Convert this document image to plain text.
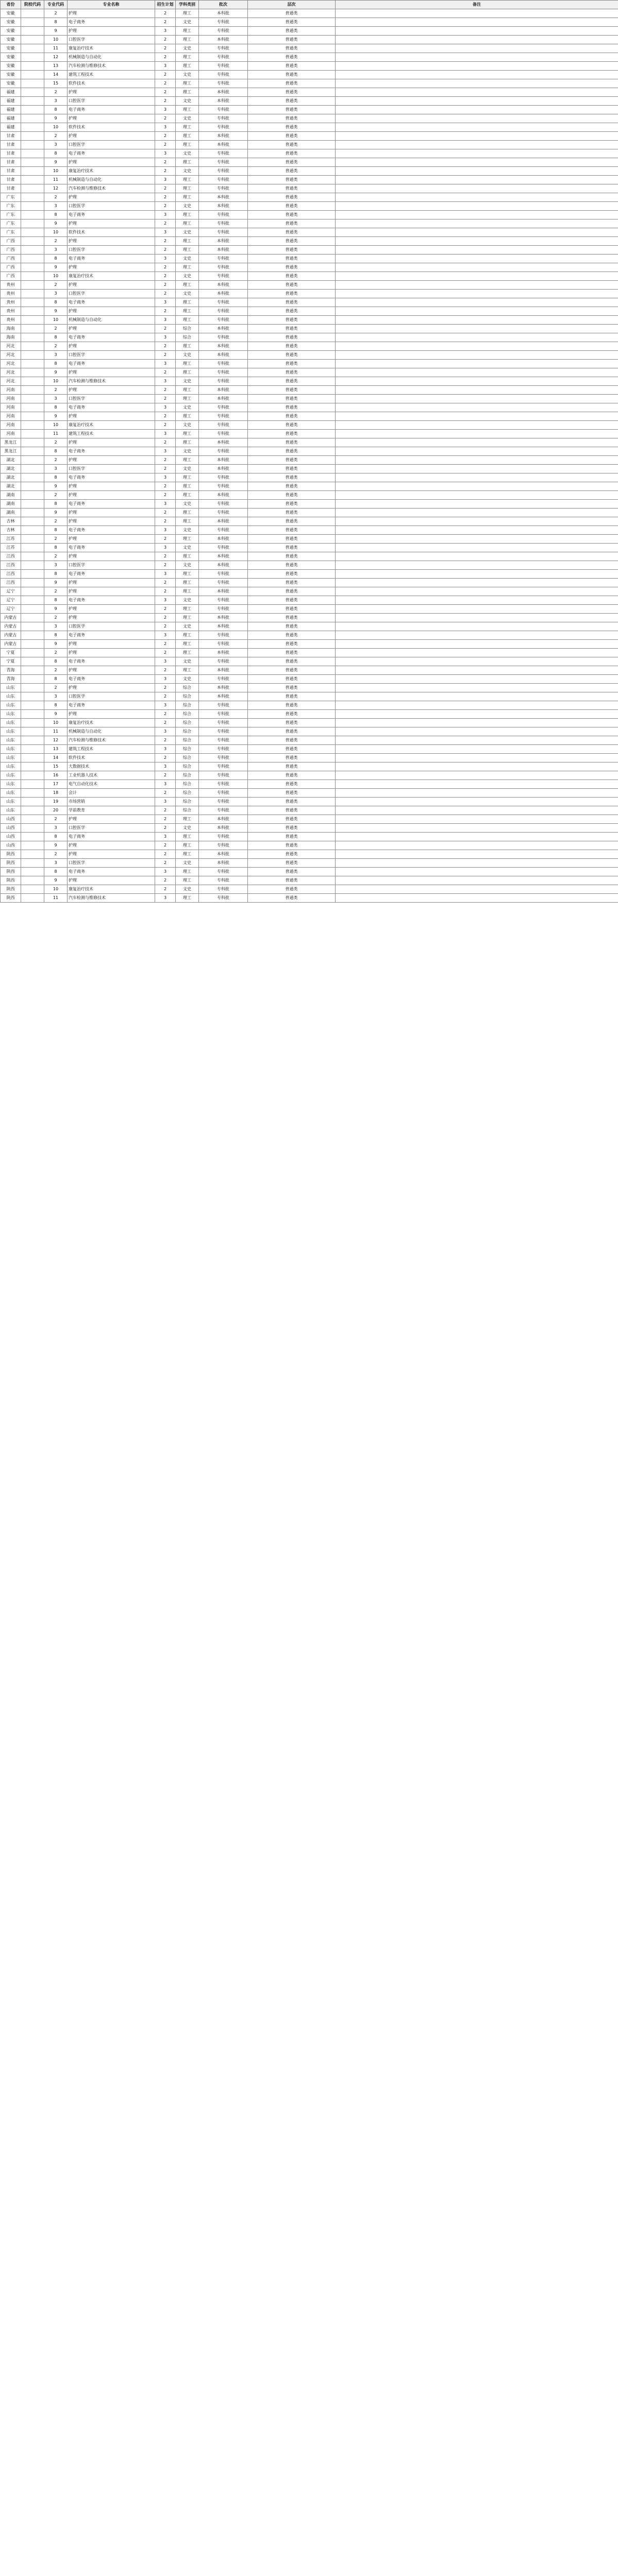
省份	院校代码	专业代码	专业名称	招生计划	学科类别	批次	层次	备注
安徽		2	护理	2	理工	本科批	普通类	
安徽		8	电子商务	2	文史	专科批	普通类	
安徽		9	护理	3	理工	专科批	普通类	
安徽		10	口腔医学	2	理工	本科批	普通类	
安徽		11	康复治疗技术	2	文史	专科批	普通类	
安徽		12	机械制造与自动化	2	理工	专科批	普通类	
安徽		13	汽车检测与维修技术	3	理工	专科批	普通类	
安徽		14	建筑工程技术	2	文史	专科批	普通类	
安徽		15	软件技术	2	理工	专科批	普通类	
福建		2	护理	2	理工	本科批	普通类	
福建		3	口腔医学	2	文史	本科批	普通类	
福建		8	电子商务	3	理工	专科批	普通类	
福建		9	护理	2	文史	专科批	普通类	
福建		10	软件技术	3	理工	专科批	普通类	
甘肃		2	护理	2	理工	本科批	普通类	
甘肃		3	口腔医学	2	理工	本科批	普通类	
甘肃		8	电子商务	3	文史	专科批	普通类	
甘肃		9	护理	2	理工	专科批	普通类	
甘肃		10	康复治疗技术	2	文史	专科批	普通类	
甘肃		11	机械制造与自动化	3	理工	专科批	普通类	
甘肃		12	汽车检测与维修技术	2	理工	专科批	普通类	
广东		2	护理	2	理工	本科批	普通类	
广东		3	口腔医学	2	文史	本科批	普通类	
广东		8	电子商务	3	理工	专科批	普通类	
广东		9	护理	2	理工	专科批	普通类	
广东		10	软件技术	3	文史	专科批	普通类	
广西		2	护理	2	理工	本科批	普通类	
广西		3	口腔医学	2	理工	本科批	普通类	
广西		8	电子商务	3	文史	专科批	普通类	
广西		9	护理	2	理工	专科批	普通类	
广西		10	康复治疗技术	2	文史	专科批	普通类	
贵州		2	护理	2	理工	本科批	普通类	
贵州		3	口腔医学	2	文史	本科批	普通类	
贵州		8	电子商务	3	理工	专科批	普通类	
贵州		9	护理	2	理工	专科批	普通类	
贵州		10	机械制造与自动化	3	理工	专科批	普通类	
海南		2	护理	2	综合	本科批	普通类	
海南		8	电子商务	3	综合	专科批	普通类	
河北		2	护理	2	理工	本科批	普通类	
河北		3	口腔医学	2	文史	本科批	普通类	
河北		8	电子商务	3	理工	专科批	普通类	
河北		9	护理	2	理工	专科批	普通类	
河北		10	汽车检测与维修技术	3	文史	专科批	普通类	
河南		2	护理	2	理工	本科批	普通类	
河南		3	口腔医学	2	理工	本科批	普通类	
河南		8	电子商务	3	文史	专科批	普通类	
河南		9	护理	2	理工	专科批	普通类	
河南		10	康复治疗技术	2	文史	专科批	普通类	
河南		11	建筑工程技术	3	理工	专科批	普通类	
黑龙江		2	护理	2	理工	本科批	普通类	
黑龙江		8	电子商务	3	文史	专科批	普通类	
湖北		2	护理	2	理工	本科批	普通类	
湖北		3	口腔医学	2	文史	本科批	普通类	
湖北		8	电子商务	3	理工	专科批	普通类	
湖北		9	护理	2	理工	专科批	普通类	
湖南		2	护理	2	理工	本科批	普通类	
湖南		8	电子商务	3	文史	专科批	普通类	
湖南		9	护理	2	理工	专科批	普通类	
吉林		2	护理	2	理工	本科批	普通类	
吉林		8	电子商务	3	文史	专科批	普通类	
江苏		2	护理	2	理工	本科批	普通类	
江苏		8	电子商务	3	文史	专科批	普通类	
江西		2	护理	2	理工	本科批	普通类	
江西		3	口腔医学	2	文史	本科批	普通类	
江西		8	电子商务	3	理工	专科批	普通类	
江西		9	护理	2	理工	专科批	普通类	
辽宁		2	护理	2	理工	本科批	普通类	
辽宁		8	电子商务	3	文史	专科批	普通类	
辽宁		9	护理	2	理工	专科批	普通类	
内蒙古		2	护理	2	理工	本科批	普通类	
内蒙古		3	口腔医学	2	文史	本科批	普通类	
内蒙古		8	电子商务	3	理工	专科批	普通类	
内蒙古		9	护理	2	理工	专科批	普通类	
宁夏		2	护理	2	理工	本科批	普通类	
宁夏		8	电子商务	3	文史	专科批	普通类	
青海		2	护理	2	理工	本科批	普通类	
青海		8	电子商务	3	文史	专科批	普通类	
山东		2	护理	2	综合	本科批	普通类	
山东		3	口腔医学	2	综合	本科批	普通类	
山东		8	电子商务	3	综合	专科批	普通类	
山东		9	护理	2	综合	专科批	普通类	
山东		10	康复治疗技术	2	综合	专科批	普通类	
山东		11	机械制造与自动化	3	综合	专科批	普通类	
山东		12	汽车检测与维修技术	2	综合	专科批	普通类	
山东		13	建筑工程技术	3	综合	专科批	普通类	
山东		14	软件技术	2	综合	专科批	普通类	
山东		15	大数据技术	3	综合	专科批	普通类	
山东		16	工业机器人技术	2	综合	专科批	普通类	
山东		17	电气自动化技术	3	综合	专科批	普通类	
山东		18	会计	2	综合	专科批	普通类	
山东		19	市场营销	3	综合	专科批	普通类	
山东		20	学前教育	2	综合	专科批	普通类	
山西		2	护理	2	理工	本科批	普通类	
山西		3	口腔医学	2	文史	本科批	普通类	
山西		8	电子商务	3	理工	专科批	普通类	
山西		9	护理	2	理工	专科批	普通类	
陕西		2	护理	2	理工	本科批	普通类	
陕西		3	口腔医学	2	文史	本科批	普通类	
陕西		8	电子商务	3	理工	专科批	普通类	
陕西		9	护理	2	理工	专科批	普通类	
陕西		10	康复治疗技术	2	文史	专科批	普通类	
陕西		11	汽车检测与维修技术	3	理工	专科批	普通类	
